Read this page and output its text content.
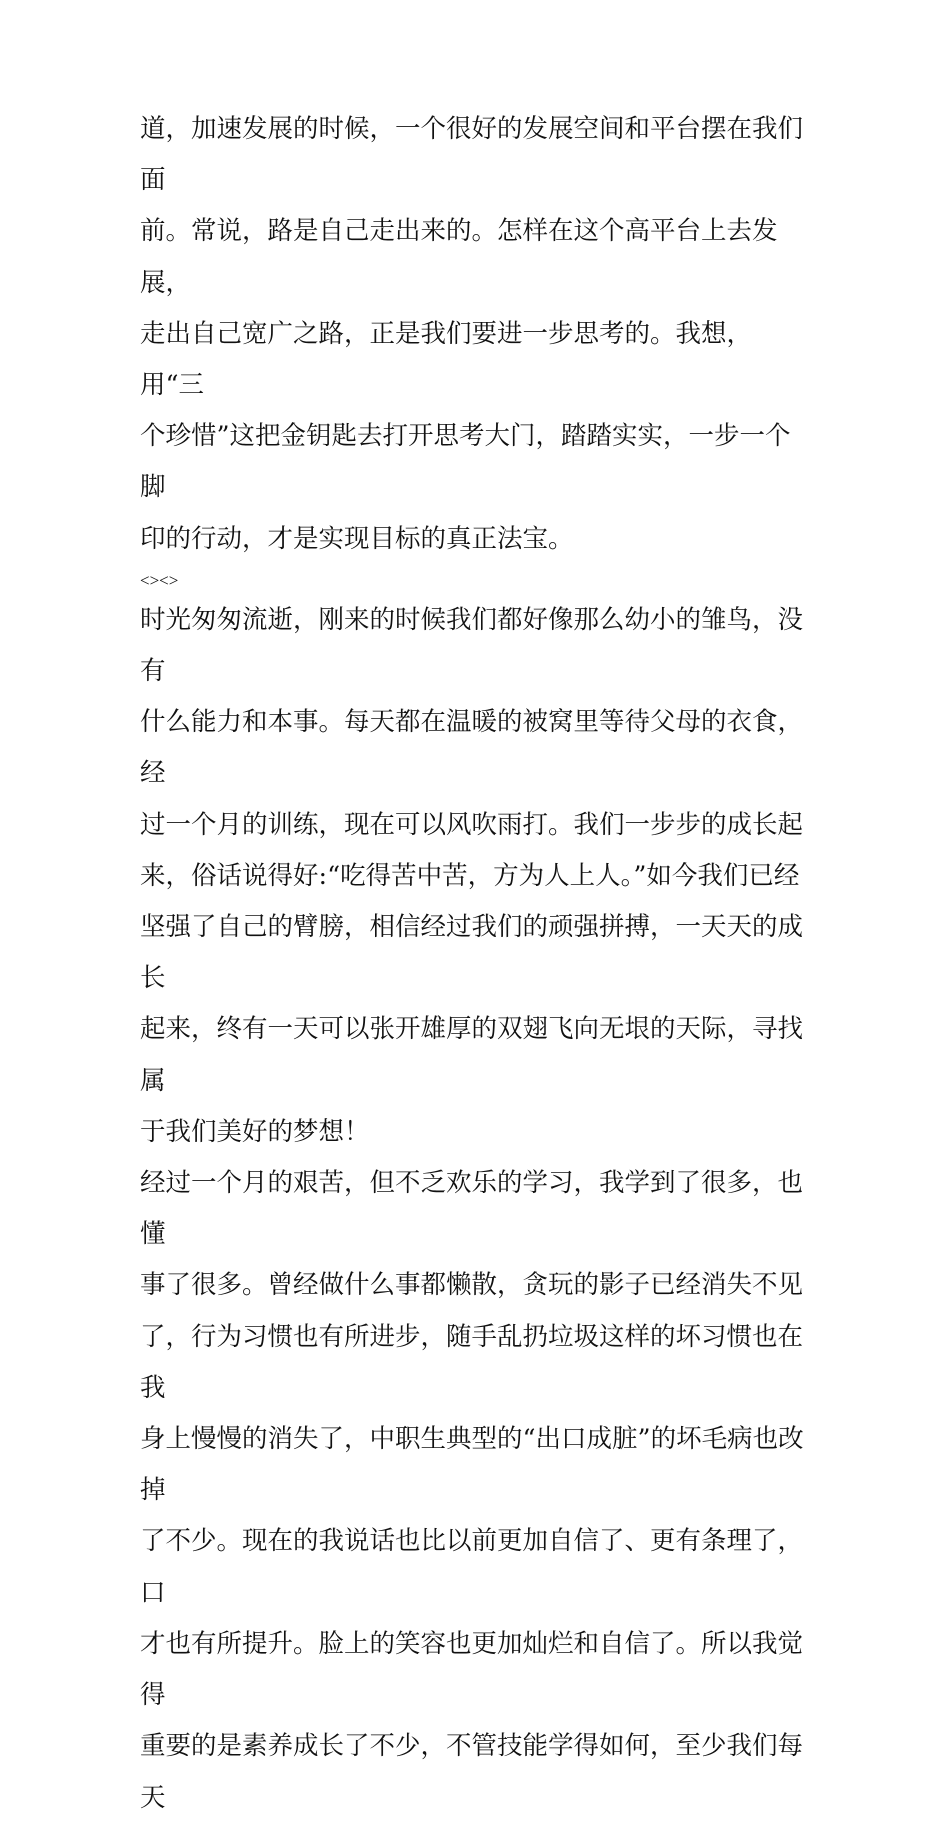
道，加速发展的时候，一个很好的发展空间和平台摆在我们面
前。常说，路是自己走出来的。怎样在这个高平台上去发展，
走出自己宽广之路，正是我们要进一步思考的。我想，用“三
个珍惜”这把金钥匙去打开思考大门，踏踏实实，一步一个脚
印的行动，才是实现目标的真正法宝。

<><>

时光匆匆流逝，刚来的时候我们都好像那么幼小的雏鸟，没有
什么能力和本事。每天都在温暖的被窝里等待父母的衣食，经
过一个月的训练，现在可以风吹雨打。我们一步步的成长起
来，俗话说得好:“吃得苦中苦，方为人上人。”如今我们已经
坚强了自己的臂膀，相信经过我们的顽强拼搏，一天天的成长
起来，终有一天可以张开雄厚的双翅飞向无垠的天际，寻找属
于我们美好的梦想！

经过一个月的艰苦，但不乏欢乐的学习，我学到了很多，也懂
事了很多。曾经做什么事都懒散，贪玩的影子已经消失不见
了，行为习惯也有所进步，随手乱扔垃圾这样的坏习惯也在我
身上慢慢的消失了，中职生典型的“出口成脏”的坏毛病也改掉
了不少。现在的我说话也比以前更加自信了、更有条理了，口
才也有所提升。脸上的笑容也更加灿烂和自信了。所以我觉得
重要的是素养成长了不少，不管技能学得如何，至少我们每天
